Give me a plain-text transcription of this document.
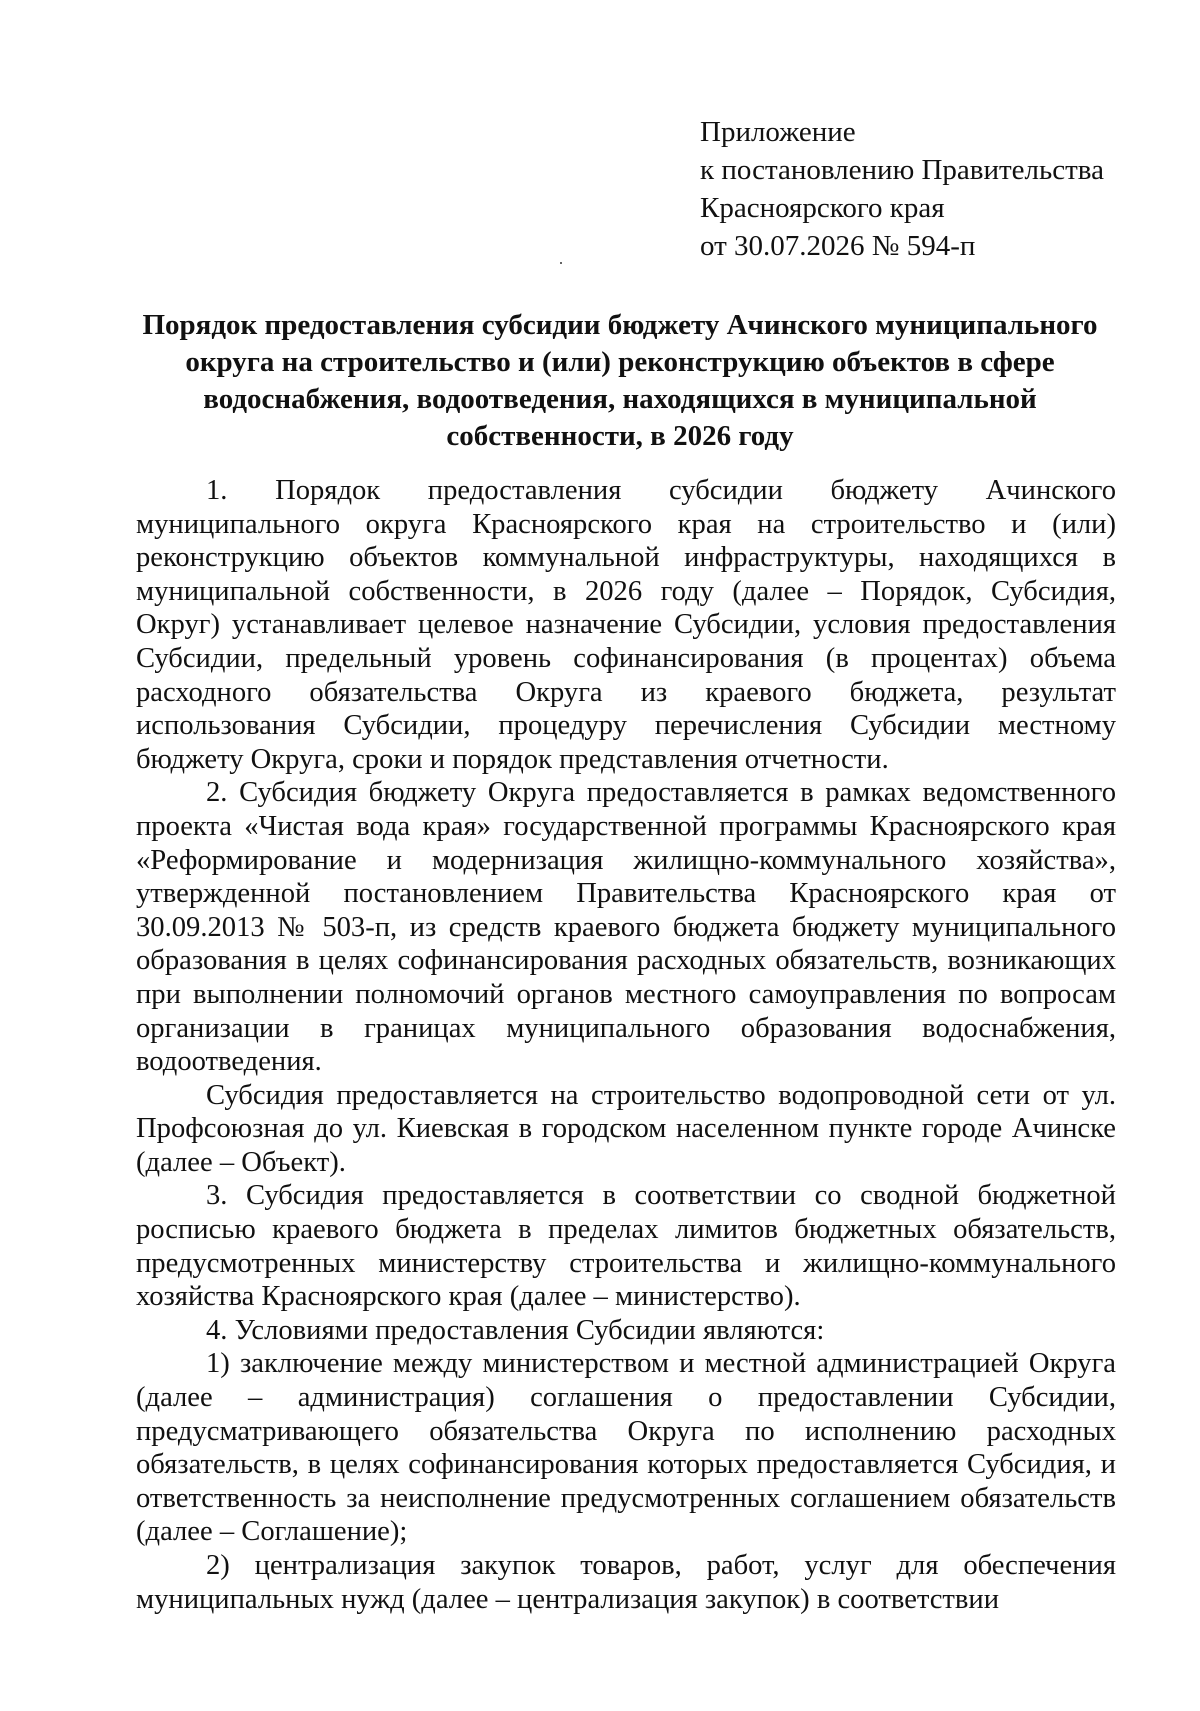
Приложение
к постановлению Правительства
Красноярского края
от 30.07.2026 № 594-п
Порядок предоставления субсидии бюджету Ачинского муниципального
округа на строительство и (или) реконструкцию объектов в сфере
водоснабжения, водоотведения, находящихся в муниципальной
собственности, в 2026 году

1. Порядок предоставления субсидии бюджету Ачинского муниципального округа Красноярского края на строительство и (или) реконструкцию объектов коммунальной инфраструктуры, находящихся в муниципальной собственности, в 2026 году (далее – Порядок, Субсидия, Округ) устанавливает целевое назначение Субсидии, условия предоставления Субсидии, предельный уровень софинансирования (в процентах) объема расходного обязательства Округа из краевого бюджета, результат использования Субсидии, процедуру перечисления Субсидии местному бюджету Округа, сроки и порядок представления отчетности.

2. Субсидия бюджету Округа предоставляется в рамках ведомственного проекта «Чистая вода края» государственной программы Красноярского края «Реформирование и модернизация жилищно-коммунального хозяйства», утвержденной постановлением Правительства Красноярского края от 30.09.2013 № 503-п, из средств краевого бюджета бюджету муниципального образования в целях софинансирования расходных обязательств, возникающих при выполнении полномочий органов местного самоуправления по вопросам организации в границах муниципального образования водоснабжения, водоотведения.

Субсидия предоставляется на строительство водопроводной сети от ул. Профсоюзная до ул. Киевская в городском населенном пункте городе Ачинске (далее – Объект).

3. Субсидия предоставляется в соответствии со сводной бюджетной росписью краевого бюджета в пределах лимитов бюджетных обязательств, предусмотренных министерству строительства и жилищно-коммунального хозяйства Красноярского края (далее – министерство).

4. Условиями предоставления Субсидии являются:

1) заключение между министерством и местной администрацией Округа (далее – администрация) соглашения о предоставлении Субсидии, предусматривающего обязательства Округа по исполнению расходных обязательств, в целях софинансирования которых предоставляется Субсидия, и ответственность за неисполнение предусмотренных соглашением обязательств (далее – Соглашение);

2) централизация закупок товаров, работ, услуг для обеспечения муниципальных нужд (далее – централизация закупок) в соответствии
